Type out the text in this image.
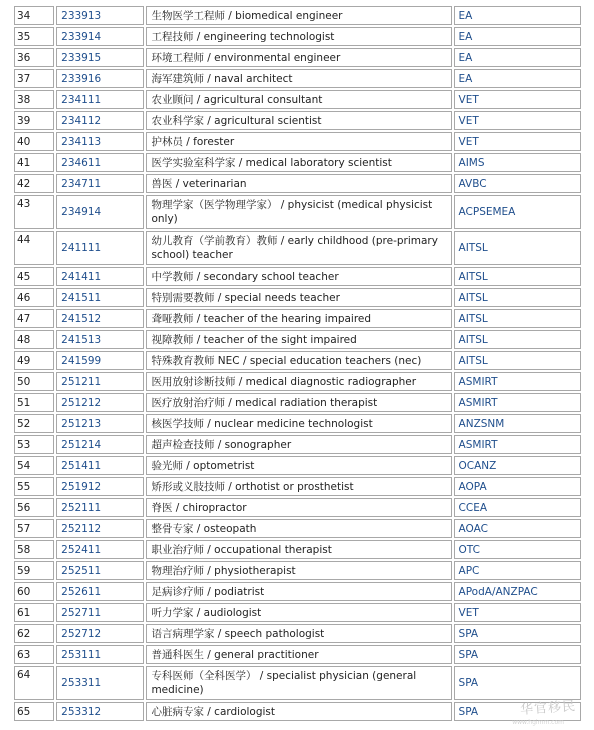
34	233913	生物医学工程师 / biomedical engineer	EA
35	233914	工程技师 / engineering technologist	EA
36	233915	环境工程师 / environmental engineer	EA
37	233916	海军建筑师 / naval architect	EA
38	234111	农业顾问 / agricultural consultant	VET
39	234112	农业科学家 / agricultural scientist	VET
40	234113	护林员 / forester	VET
41	234611	医学实验室科学家 / medical laboratory scientist	AIMS
42	234711	兽医 / veterinarian	AVBC
43	234914	物理学家（医学物理学家） / physicist (medical physicist only)	ACPSEMEA
44	241111	幼儿教育（学前教育）教师 / early childhood (pre-primary school) teacher	AITSL
45	241411	中学教师 / secondary school teacher	AITSL
46	241511	特别需要教师 / special needs teacher	AITSL
47	241512	聋哑教师 / teacher of the hearing impaired	AITSL
48	241513	视障教师 / teacher of the sight impaired	AITSL
49	241599	特殊教育教师 NEC / special education teachers (nec)	AITSL
50	251211	医用放射诊断技师 / medical diagnostic radiographer	ASMIRT
51	251212	医疗放射治疗师 / medical radiation therapist	ASMIRT
52	251213	核医学技师 / nuclear medicine technologist	ANZSNM
53	251214	超声检查技师 / sonographer	ASMIRT
54	251411	验光师 / optometrist	OCANZ
55	251912	矫形或义肢技师 / orthotist or prosthetist	AOPA
56	252111	脊医 / chiropractor	CCEA
57	252112	整骨专家 / osteopath	AOAC
58	252411	职业治疗师 / occupational therapist	OTC
59	252511	物理治疗师 / physiotherapist	APC
60	252611	足病诊疗师 / podiatrist	APodA/ANZPAC
61	252711	听力学家 / audiologist	VET
62	252712	语言病理学家 / speech pathologist	SPA
63	253111	普通科医生 / general practitioner	SPA
64	253311	专科医师（全科医学） / specialist physician (general medicine)	SPA
65	253312	心脏病专家 / cardiologist	SPA	华官移民
www.hgimm.com
